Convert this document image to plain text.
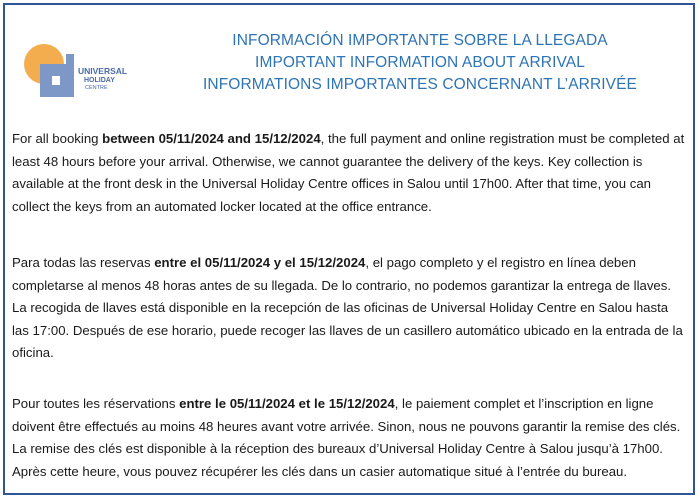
UNIVERSAL
HOLIDAY
CENTRE
INFORMACIÓN IMPORTANTE SOBRE LA LLEGADA
IMPORTANT INFORMATION ABOUT ARRIVAL
INFORMATIONS IMPORTANTES CONCERNANT L’ARRIVÉE
For all booking between 05/11/2024 and 15/12/2024, the full payment and online registration must be completed at least 48 hours before your arrival. Otherwise, we cannot guarantee the delivery of the keys. Key collection is available at the front desk in the Universal Holiday Centre offices in Salou until 17h00. After that time, you can collect the keys from an automated locker located at the office entrance.
Para todas las reservas entre el 05/11/2024 y el 15/12/2024, el pago completo y el registro en línea deben completarse al menos 48 horas antes de su llegada. De lo contrario, no podemos garantizar la entrega de llaves. La recogida de llaves está disponible en la recepción de las oficinas de Universal Holiday Centre en Salou hasta las 17:00. Después de ese horario, puede recoger las llaves de un casillero automático ubicado en la entrada de la oficina.
Pour toutes les réservations entre le 05/11/2024 et le 15/12/2024, le paiement complet et l’inscription en ligne doivent être effectués au moins 48 heures avant votre arrivée. Sinon, nous ne pouvons garantir la remise des clés. La remise des clés est disponible à la réception des bureaux d’Universal Holiday Centre à Salou jusqu’à 17h00. Après cette heure, vous pouvez récupérer les clés dans un casier automatique situé à l’entrée du bureau.
